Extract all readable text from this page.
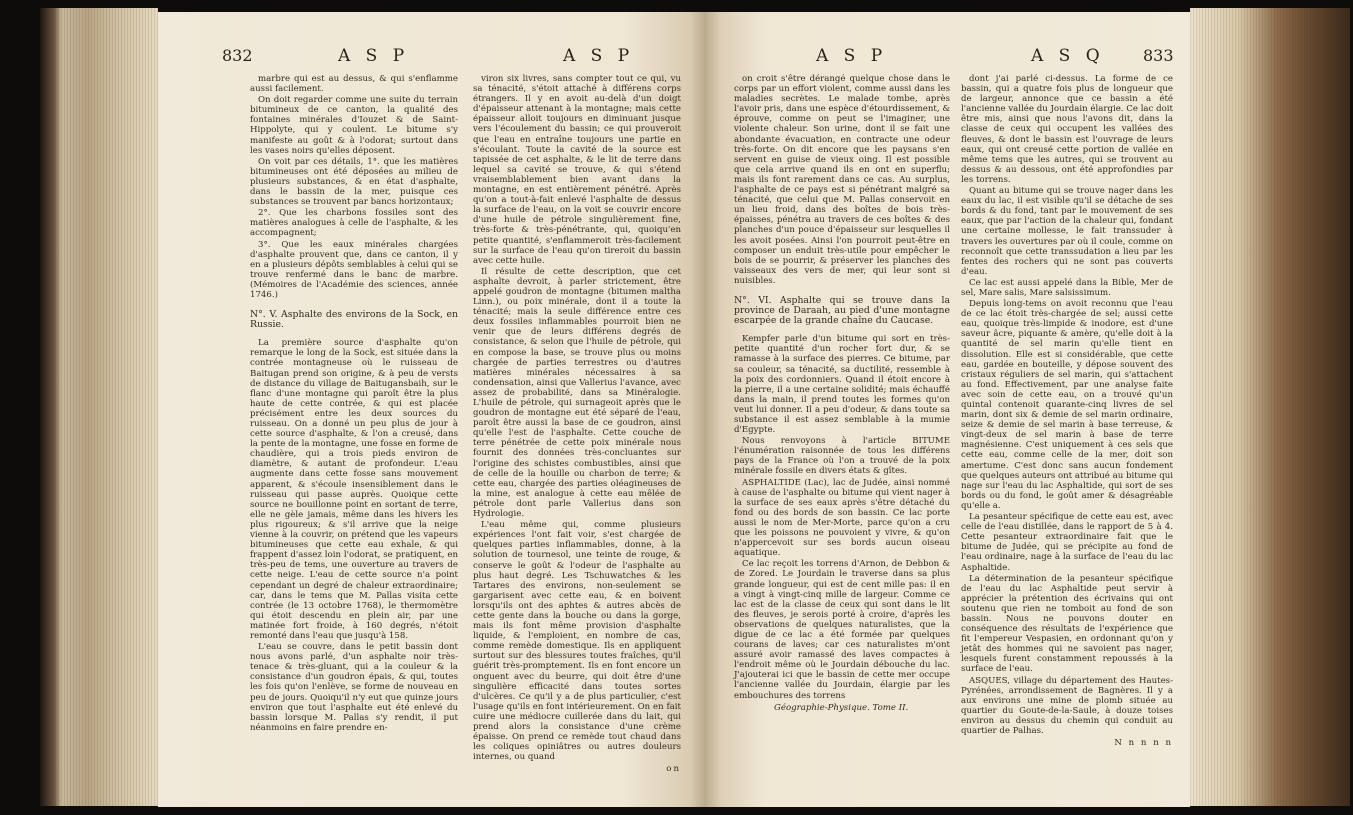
832	A S P	A S P

marbre qui est au dessus, & qui s'enflamme aussi facilement.

On doit regarder comme une suite du terrain bitumineux de ce canton, la qualité des fontaines minérales d'Iouzet & de Saint-Hippolyte, qui y coulent. Le bitume s'y manifeste au goût & à l'odorat; surtout dans les vases noirs qu'elles déposent.

On voit par ces détails, 1°. que les matières bitumineuses ont été déposées au milieu de plusieurs substances, & en état d'asphalte, dans le bassin de la mer, puisque ces substances se trouvent par bancs horizontaux;

2°. Que les charbons fossiles sont des matières analogues à celle de l'asphalte, & les accompagnent;

3°. Que les eaux minérales chargées d'asphalte prouvent que, dans ce canton, il y en a plusieurs dépôts semblables à celui qui se trouve renfermé dans le banc de marbre. (Mémoires de l'Académie des sciences, année 1746.)

N°. V. Asphalte des environs de la Sock, en Russie.

La première source d'asphalte qu'on remarque le long de la Sock, est située dans la contrée montagneuse où le ruisseau de Baitugan prend son origine, & à peu de versts de distance du village de Baitugansbaih, sur le flanc d'une montagne qui paroît être la plus haute de cette contrée, & qui est placée précisément entre les deux sources du ruisseau. On a donné un peu plus de jour à cette source d'asphalte, & l'on a creusé, dans la pente de la montagne, une fosse en forme de chaudière, qui a trois pieds environ de diamètre, & autant de profondeur. L'eau augmente dans cette fosse sans mouvement apparent, & s'écoule insensiblement dans le ruisseau qui passe auprès. Quoique cette source ne bouillonne point en sortant de terre, elle ne gèle jamais, même dans les hivers les plus rigoureux; & s'il arrive que la neige vienne à la couvrir, on prétend que les vapeurs bitumineuses que cette eau exhale, & qui frappent d'assez loin l'odorat, se pratiquent, en très-peu de tems, une ouverture au travers de cette neige. L'eau de cette source n'a point cependant un degré de chaleur extraordinaire; car, dans le tems que M. Pallas visita cette contrée (le 13 octobre 1768), le thermomètre qui étoit descendu en plein air, par une matinée fort froide, à 160 degrés, n'étoit remonté dans l'eau que jusqu'à 158.

L'eau se couvre, dans le petit bassin dont nous avons parlé, d'un asphalte noir très-tenace & très-gluant, qui a la couleur & la consistance d'un goudron épais, & qui, toutes les fois qu'on l'enlève, se forme de nouveau en peu de jours. Quoiqu'il n'y eut que quinze jours environ que tout l'asphalte eut été enlevé du bassin lorsque M. Pallas s'y rendit, il put néanmoins en faire prendre en-

viron six livres, sans compter tout ce qui, vu sa ténacité, s'étoit attaché à différens corps étrangers. Il y en avoit au-delà d'un doigt d'épaisseur attenant à la montagne; mais cette épaisseur alloit toujours en diminuant jusque vers l'écoulement du bassin; ce qui prouveroit que l'eau en entraîne toujours une partie en s'écoulant. Toute la cavité de la source est tapissée de cet asphalte, & le lit de terre dans lequel sa cavité se trouve, & qui s'étend vraisemblablement bien avant dans la montagne, en est entièrement pénétré. Après qu'on a tout-à-fait enlevé l'asphalte de dessus la surface de l'eau, on la voit se couvrir encore d'une huile de pétrole singulièrement fine, très-forte & très-pénétrante, qui, quoiqu'en petite quantité, s'enflammeroit très-facilement sur la surface de l'eau qu'on tireroit du bassin avec cette huile.

Il résulte de cette description, que cet asphalte devroit, à parler strictement, être appelé goudron de montagne (bitumen maltha Linn.), ou poix minérale, dont il a toute la ténacité; mais la seule différence entre ces deux fossiles inflammables pourroit bien ne venir que de leurs différens degrés de consistance, & selon que l'huile de pétrole, qui en compose la base, se trouve plus ou moins chargée de parties terrestres ou d'autres matières minérales nécessaires à sa condensation, ainsi que Vallerius l'avance, avec assez de probabilité, dans sa Minéralogie. L'huile de pétrole, qui surnageoit après que le goudron de montagne eut été séparé de l'eau, paroît être aussi la base de ce goudron, ainsi qu'elle l'est de l'asphalte. Cette couche de terre pénétrée de cette poix minérale nous fournit des données très-concluantes sur l'origine des schistes combustibles, ainsi que de celle de la houille ou charbon de terre; & cette eau, chargée des parties oléagineuses de la mine, est analogue à cette eau mêlée de pétrole dont parle Vallerius dans son Hydrologie.

L'eau même qui, comme plusieurs expériences l'ont fait voir, s'est chargée de quelques parties inflammables, donne, à la solution de tournesol, une teinte de rouge, & conserve le goût & l'odeur de l'asphalte au plus haut degré. Les Tschuwatches & les Tartares des environs, non-seulement se gargarisent avec cette eau, & en boivent lorsqu'ils ont des aphtes & autres abcès de cette gente dans la bouche ou dans la gorge, mais ils font même provision d'asphalte liquide, & l'emploient, en nombre de cas, comme remède domestique. Ils en appliquent surtout sur des blessures toutes fraîches, qu'il guérit très-promptement. Ils en font encore un onguent avec du beurre, qui doit être d'une singulière efficacité dans toutes sortes d'ulcères. Ce qu'il y a de plus particulier, c'est l'usage qu'ils en font intérieurement. On en fait cuire une médiocre cuillerée dans du lait, qui prend alors la consistance d'une crème épaisse. On prend ce remède tout chaud dans les coliques opiniâtres ou autres douleurs internes, ou quand

on

A S P	A S Q 833

on croit s'être dérangé quelque chose dans le corps par un effort violent, comme aussi dans les maladies secrètes. Le malade tombe, après l'avoir pris, dans une espèce d'étourdissement, & éprouve, comme on peut se l'imaginer, une violente chaleur. Son urine, dont il se fait une abondante évacuation, en contracte une odeur très-forte. On dit encore que les paysans s'en servent en guise de vieux oing. Il est possible que cela arrive quand ils en ont en superflu; mais ils font rarement dans ce cas. Au surplus, l'asphalte de ce pays est si pénétrant malgré sa ténacité, que celui que M. Pallas conservoit en un lieu froid, dans des boîtes de bois très-épaisses, pénétra au travers de ces boîtes & des planches d'un pouce d'épaisseur sur lesquelles il les avoit posées. Ainsi l'on pourroit peut-être en composer un enduit très-utile pour empêcher le bois de se pourrir, & préserver les planches des vaisseaux des vers de mer, qui leur sont si nuisibles.

N°. VI. Asphalte qui se trouve dans la province de Daraah, au pied d'une montagne escarpée de la grande chaîne du Caucase.

Kempfer parle d'un bitume qui sort en très-petite quantité d'un rocher fort dur, & se ramasse à la surface des pierres. Ce bitume, par sa couleur, sa ténacité, sa ductilité, ressemble à la poix des cordonniers. Quand il étoit encore à la pierre, il a une certaine solidité; mais échauffé dans la main, il prend toutes les formes qu'on veut lui donner. Il a peu d'odeur, & dans toute sa substance il est assez semblable à la mumie d'Egypte.

Nous renvoyons à l'article BITUME l'énumération raisonnée de tous les différens pays de la France où l'on a trouvé de la poix minérale fossile en divers états & gîtes.

ASPHALTIDE (Lac), lac de Judée, ainsi nommé à cause de l'asphalte ou bitume qui vient nager à la surface de ses eaux après s'être détaché du fond ou des bords de son bassin. Ce lac porte aussi le nom de Mer-Morte, parce qu'on a cru que les poissons ne pouvoient y vivre, & qu'on n'appercevoit sur ses bords aucun oiseau aquatique.

Ce lac reçoit les torrens d'Arnon, de Debbon & de Zored. Le Jourdain le traverse dans sa plus grande longueur, qui est de cent mille pas: il en a vingt à vingt-cinq mille de largeur. Comme ce lac est de la classe de ceux qui sont dans le lit des fleuves, je serois porté à croire, d'après les observations de quelques naturalistes, que la digue de ce lac a été formée par quelques courans de laves; car ces naturalistes m'ont assuré avoir ramassé des laves compactes à l'endroit même où le Jourdain débouche du lac. J'ajouterai ici que le bassin de cette mer occupe l'ancienne vallée du Jourdain, élargie par les embouchures des torrens

Géographie-Physique. Tome II.

dont j'ai parlé ci-dessus. La forme de ce bassin, qui a quatre fois plus de longueur que de largeur, annonce que ce bassin a été l'ancienne vallée du Jourdain élargie. Ce lac doit être mis, ainsi que nous l'avons dit, dans la classe de ceux qui occupent les vallées des fleuves, & dont le bassin est l'ouvrage de leurs eaux, qui ont creusé cette portion de vallée en même tems que les autres, qui se trouvent au dessus & au dessous, ont été approfondies par les torrens.

Quant au bitume qui se trouve nager dans les eaux du lac, il est visible qu'il se détache de ses bords & du fond, tant par le mouvement de ses eaux, que par l'action de la chaleur qui, fondant une certaine mollesse, le fait transsuder à travers les ouvertures par où il coule, comme on reconnoît que cette transsudation a lieu par les fentes des rochers qui ne sont pas couverts d'eau.

Ce lac est aussi appelé dans la Bible, Mer de sel, Mare salis, Mare salsissimum.

Depuis long-tems on avoit reconnu que l'eau de ce lac étoit très-chargée de sel; aussi cette eau, quoique très-limpide & inodore, est d'une saveur âcre, piquante & amère, qu'elle doit à la quantité de sel marin qu'elle tient en dissolution. Elle est si considérable, que cette eau, gardée en bouteille, y dépose souvent des cristaux réguliers de sel marin, qui s'attachent au fond. Effectivement, par une analyse faite avec soin de cette eau, on a trouvé qu'un quintal contenoit quarante-cinq livres de sel marin, dont six & demie de sel marin ordinaire, seize & demie de sel marin à base terreuse, & vingt-deux de sel marin à base de terre magnésienne. C'est uniquement à ces sels que cette eau, comme celle de la mer, doit son amertume. C'est donc sans aucun fondement que quelques auteurs ont attribué au bitume qui nage sur l'eau du lac Asphaltide, qui sort de ses bords ou du fond, le goût amer & désagréable qu'elle a.

La pesanteur spécifique de cette eau est, avec celle de l'eau distillée, dans le rapport de 5 à 4. Cette pesanteur extraordinaire fait que le bitume de Judée, qui se précipite au fond de l'eau ordinaire, nage à la surface de l'eau du lac Asphaltide.

La détermination de la pesanteur spécifique de l'eau du lac Asphaltide peut servir à apprécier la prétention des écrivains qui ont soutenu que rien ne tomboit au fond de son bassin. Nous ne pouvons douter en conséquence des résultats de l'expérience que fit l'empereur Vespasien, en ordonnant qu'on y jetât des hommes qui ne savoient pas nager, lesquels furent constamment repoussés à la surface de l'eau.

ASQUES, village du département des Hautes-Pyrénées, arrondissement de Bagnères. Il y a aux environs une mine de plomb située au quartier du Goute-de-la-Saule, à douze toises environ au dessus du chemin qui conduit au quartier de Palhas.

N n n n n
